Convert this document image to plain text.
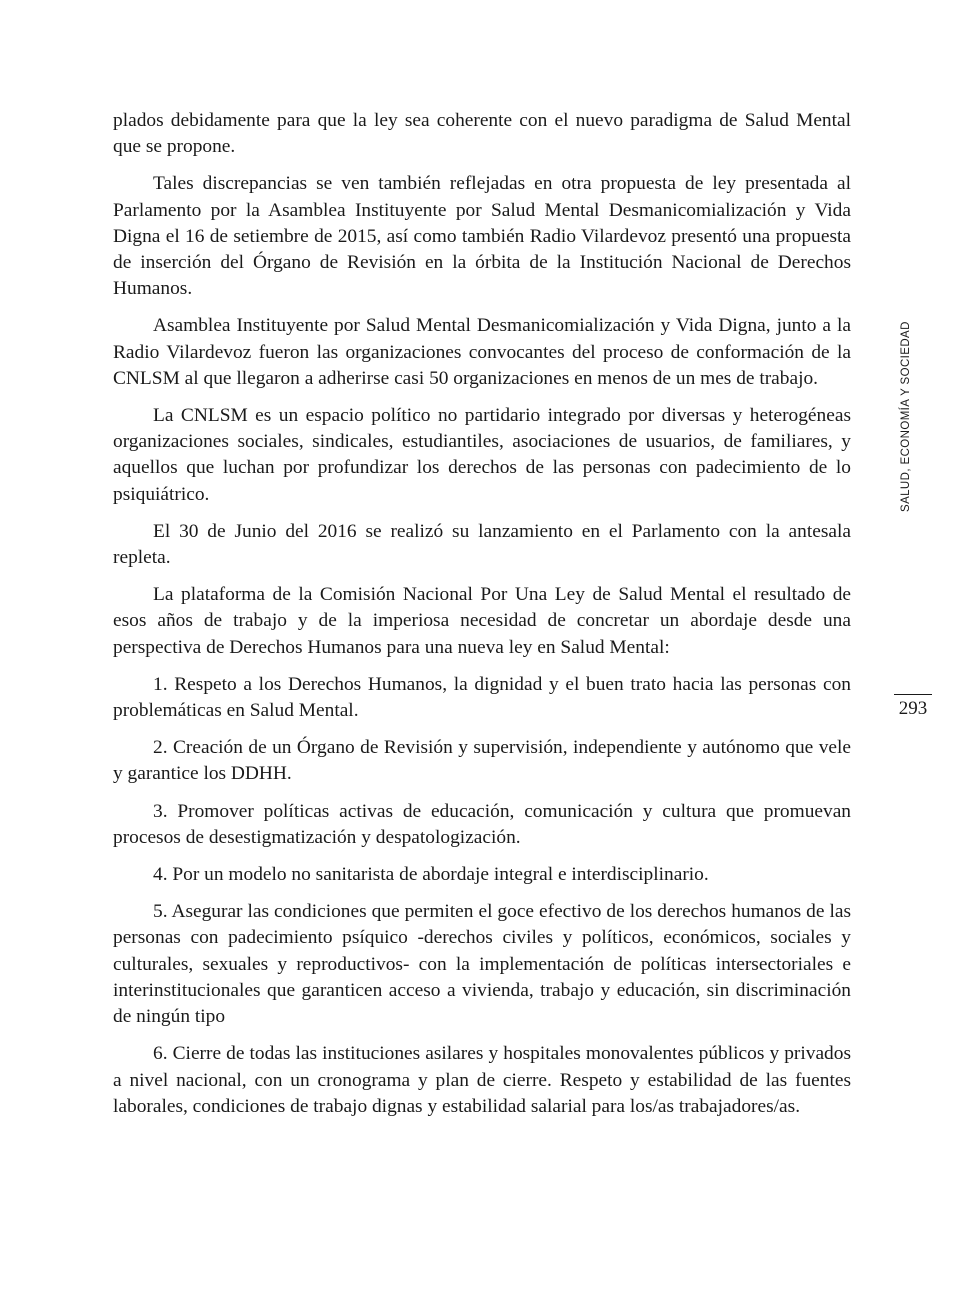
plados debidamente para que la ley sea coherente con el nuevo paradigma de Salud Mental que se propone.

Tales discrepancias se ven también reflejadas en otra propuesta de ley presentada al Parlamento por la Asamblea Instituyente por Salud Mental Desmanicomialización y Vida Digna el 16 de setiembre de 2015, así como también Radio Vilardevoz presentó una propuesta de inserción del Órgano de Revisión en la órbita de la Institución Nacional de Derechos Humanos.

Asamblea Instituyente por Salud Mental Desmanicomialización y Vida Digna, junto a la Radio Vilardevoz fueron las organizaciones convocantes del proceso de conformación de la CNLSM al que llegaron a adherirse casi 50 organizaciones en menos de un mes de trabajo.

La CNLSM es un espacio político no partidario integrado por diversas y heterogéneas organizaciones sociales, sindicales, estudiantiles, asociaciones de usuarios, de familiares, y aquellos que luchan por profundizar los derechos de las personas con padecimiento de lo psiquiátrico.

El 30 de Junio del 2016 se realizó su lanzamiento en el Parlamento con la antesala repleta.

La plataforma de la Comisión Nacional Por Una Ley de Salud Mental el resultado de esos años de trabajo y de la imperiosa necesidad de concretar un abordaje desde una perspectiva de Derechos Humanos para una nueva ley en Salud Mental:

1. Respeto a los Derechos Humanos, la dignidad y el buen trato hacia las personas con problemáticas en Salud Mental.

2. Creación de un Órgano de Revisión y supervisión, independiente y autónomo que vele y garantice los DDHH.

3. Promover políticas activas de educación, comunicación y cultura que promuevan procesos de desestigmatización y despatologización.

4. Por un modelo no sanitarista de abordaje integral e interdisciplinario.

5. Asegurar las condiciones que permiten el goce efectivo de los derechos humanos de las personas con padecimiento psíquico -derechos civiles y políticos, económicos, sociales y culturales, sexuales y reproductivos- con la implementación de políticas intersectoriales e interinstitucionales que garanticen acceso a vivienda, trabajo y educación, sin discriminación de ningún tipo

6. Cierre de todas las instituciones asilares y hospitales monovalentes públicos y privados a nivel nacional, con un cronograma y plan de cierre. Respeto y estabilidad de las fuentes laborales, condiciones de trabajo dignas y estabilidad salarial para los/as trabajadores/as.

SALUD, ECONOMÍA Y SOCIEDAD
293
